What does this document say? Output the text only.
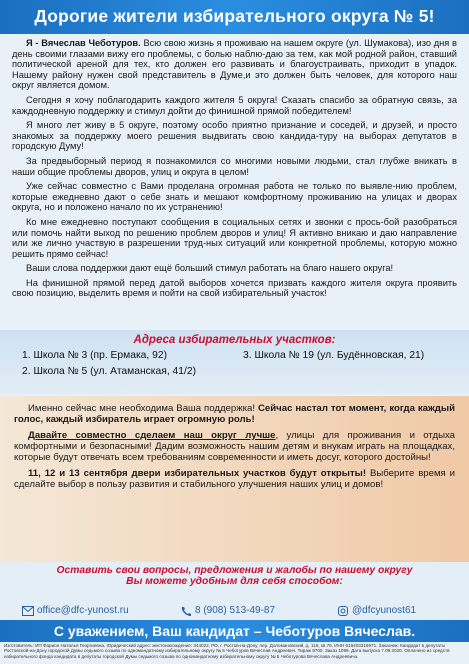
Дорогие жители избирательного округа № 5!

Я - Вячеслав Чеботуров. Всю свою жизнь я проживаю на нашем округе (ул. Шумакова), изо дня в день своими глазами вижу его проблемы, с болью наблю-даю за тем, как мой родной район, ставший политической ареной для тех, кто должен его развивать и благоустраивать, приходит в упадок. Нашему району нужен свой представитель в Думе,и это должен быть человек, для которого наш округ является домом.

Сегодня я хочу поблагодарить каждого жителя 5 округа! Сказать спасибо за обратную связь, за каждодневную поддержку и стимул дойти до финишной прямой победителем!

Я много лет живу в 5 округе, поэтому особо приятно признание и соседей, и друзей, и просто знакомых за поддержку моего решения выдвигать свою кандида-туру на выборах депутатов в городскую Думу!

За предвыборный период я познакомился со многими новыми людьми, стал глубже вникать в наши общие проблемы дворов, улиц и округа в целом!

Уже сейчас совместно с Вами проделана огромная работа не только по выявле-нию проблем, которые ежедневно дают о себе знать и мешают комфортному проживанию на улицах и дворах округа, но и положено начало по их устранению!

Ко мне ежедневно поступают сообщения в социальных сетях и звонки с прось-бой разобраться или помочь найти выход по решению проблем дворов и улиц! Я активно вникаю и даю направление или же лично участвую в разрешении труд-ных ситуаций или конкретной проблемы, которую можно решить прямо сейчас!

Ваши слова поддержки дают ещё больший стимул работать на благо нашего округа!

На финишной прямой перед датой выборов хочется призвать каждого жителя округа проявить свою позицию, выделить время и пойти на свой избирательный участок!

Адреса избирательных участков:
1. Школа № 3 (пр. Ермака, 92)	3. Школа № 19 (ул. Будённовская, 21)
2. Школа № 5 (ул. Атаманская, 41/2)

Именно сейчас мне необходима Ваша поддержка! Сейчас настал тот момент, когда каждый голос, каждый избиратель играет огромную роль!

Давайте совместно сделаем наш округ лучше, улицы для проживания и отдыха комфортными и безопасными! Дадим возможность нашим детям и внукам играть на площадках, которые будут отвечать всем требованиям современности и иметь досуг, которого достойны!

11, 12 и 13 сентября двери избирательных участков будут открыты! Выберите время и сделайте выбор в пользу развития и стабильного улучшения наших улиц и домов!

Оставить свои вопросы, предложения и жалобы по нашему округу
Вы можете удобным для себя способом:
office@dfc-yunost.ru	8 (908) 513-49-87	@dfcyunost61
С уважением, Ваш кандидат – Чеботуров Вячеслав.
Изготовитель: ИП Фарион Наталья Георгиевна, Юридический адрес: местонахождение: 344022, РО, г. Ростов-на-Дону, пер. Доломановский, д. 116, кв.76, ИНН 616403318971. Заказчик: Кандидат в депутаты Ростовской-на-Дону городской Думы седьмого созыва по одномандатному избирательному округу № 5 Чеботуров Вячеслав Андреевич. Тираж 9700. Заказ 1099. Дата выпуска 7.09.2020. Оплачено из средств избирательного фонда кандидата в депутаты городской Думы седьмого созыва по одномандатному избирательному округу № 5 Чеботурова Вячеслава Андреевича.
